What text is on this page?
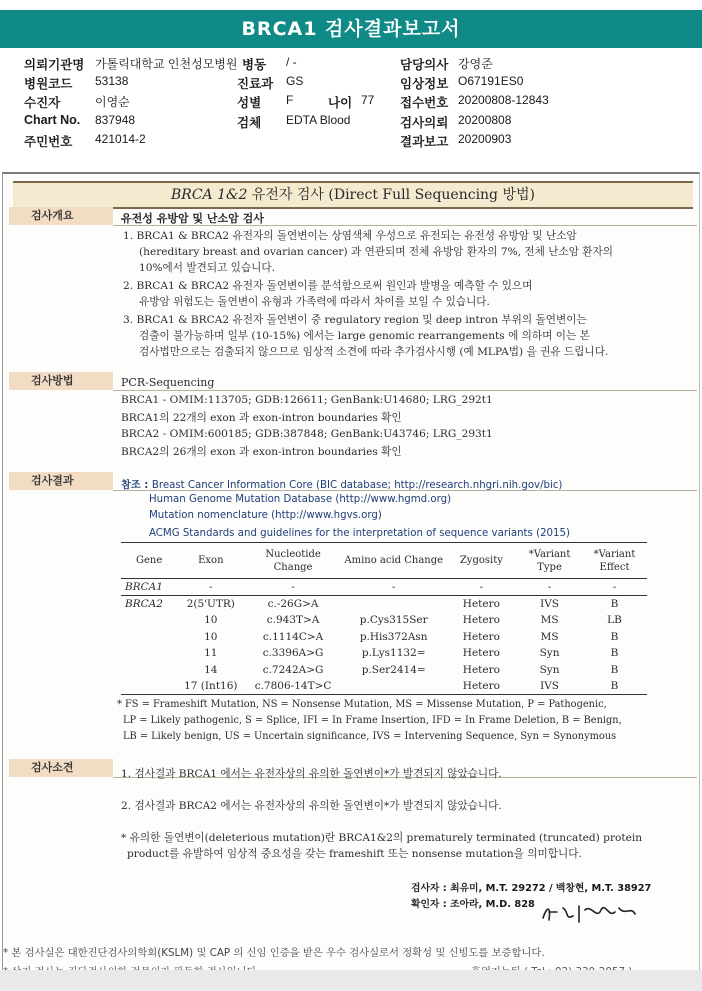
BRCA1 검사결과보고서
의뢰기관명 가톨릭대학교 인천성모병원 병동 / -	담당의사 강영준
병원코드 53138	진료과 GS	임상정보 O67191ES0
수진자	이영순	성별 F	나이 77 접수번호 20200808-12843
Chart No. 837948	검체 EDTA Blood	검사의뢰 20200808
주민번호 421014-2	결과보고 20200903
BRCA 1&2 유전자 검사 (Direct Full Sequencing 방법)
검사개요	유전성 유방암 및 난소암 검사
1. BRCA1 & BRCA2 유전자의 돌연변이는 상염색체 우성으로 유전되는 유전성 유방암 및 난소암
(hereditary breast and ovarian cancer) 과 연관되며 전체 유방암 환자의 7%, 전체 난소암 환자의
10%에서 발견되고 있습니다.
2. BRCA1 & BRCA2 유전자 돌연변이를 분석함으로써 원인과 발병을 예측할 수 있으며
유방암 위험도는 돌연변이 유형과 가족력에 따라서 차이를 보일 수 있습니다.
3. BRCA1 & BRCA2 유전자 돌연변이 중 regulatory region 및 deep intron 부위의 돌연변이는
검출이 불가능하며 일부 (10-15%) 에서는 large genomic rearrangements 에 의하며 이는 본
검사법만으로는 검출되지 않으므로 임상적 소견에 따라 추가검사시행 (예 MLPA법) 을 권유 드립니다.
검사방법	PCR-Sequencing
BRCA1 - OMIM:113705; GDB:126611; GenBank:U14680; LRG_292t1
BRCA1의 22개의 exon 과 exon-intron boundaries 확인
BRCA2 - OMIM:600185; GDB:387848; GenBank:U43746; LRG_293t1
BRCA2의 26개의 exon 과 exon-intron boundaries 확인
검사결과	참조 : Breast Cancer Information Core (BIC database; http://research.nhgri.nih.gov/bic)
Human Genome Mutation Database (http://www.hgmd.org)
Mutation nomenclature (http://www.hgvs.org)
ACMG Standards and guidelines for the interpretation of sequence variants (2015)
Gene	Exon	Nucleotide Change	Amino acid Change	Zygosity	*Variant Type	*Variant Effect
BRCA1	-	-	-	-	-	-
BRCA2	2(5'UTR)	c.-26G>A		Hetero	IVS	B
	10	c.943T>A	p.Cys315Ser	Hetero	MS	LB
	10	c.1114C>A	p.His372Asn	Hetero	MS	B
	11	c.3396A>G	p.Lys1132=	Hetero	Syn	B
	14	c.7242A>G	p.Ser2414=	Hetero	Syn	B
	17 (Int16)	c.7806-14T>C		Hetero	IVS	B
* FS = Frameshift Mutation, NS = Nonsense Mutation, MS = Missense Mutation, P = Pathogenic,
LP = Likely pathogenic, S = Splice, IFI = In Frame Insertion, IFD = In Frame Deletion, B = Benign,
LB = Likely benign, US = Uncertain significance, IVS = Intervening Sequence, Syn = Synonymous
검사소견	1. 검사결과 BRCA1 에서는 유전자상의 유의한 돌연변이*가 발견되지 않았습니다.
2. 검사결과 BRCA2 에서는 유전자상의 유의한 돌연변이*가 발견되지 않았습니다.
* 유의한 돌연변이(deleterious mutation)란 BRCA1&2의 prematurely terminated (truncated) protein
product를 유발하여 임상적 중요성을 갖는 frameshift 또는 nonsense mutation을 의미합니다.
검사자 : 최유미, M.T. 29272 / 백창현, M.T. 38927
확인자 : 조아라, M.D. 828
* 본 검사실은 대한진단검사의학회(KSLM) 및 CAP 의 신임 인증을 받은 우수 검사실로서 정확성 및 신빙도를 보증합니다.
